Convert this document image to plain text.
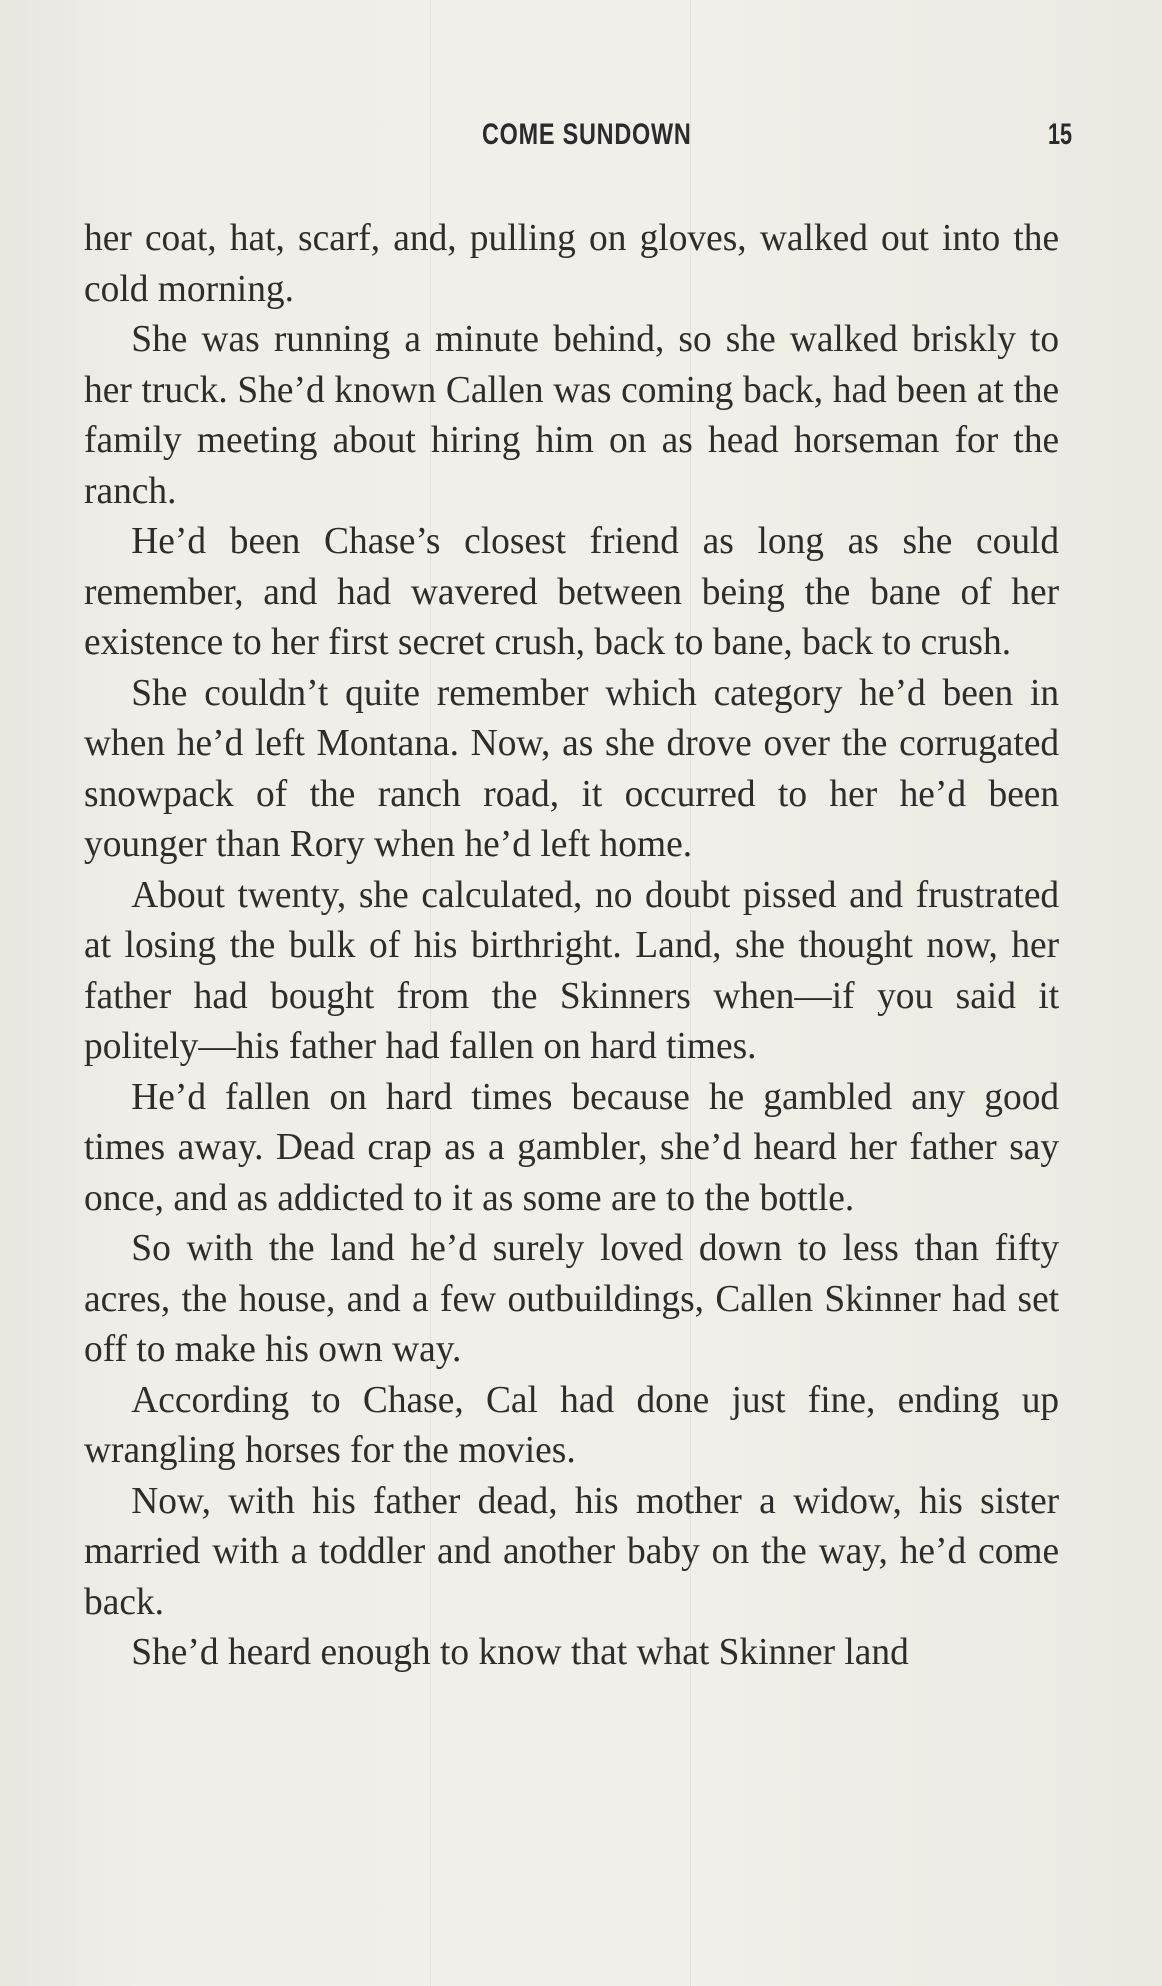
COME SUNDOWN	15

her coat, hat, scarf, and, pulling on gloves, walked out into the cold morning.

She was running a minute behind, so she walked briskly to her truck. She’d known Callen was coming back, had been at the family meeting about hiring him on as head horseman for the ranch.

He’d been Chase’s closest friend as long as she could remember, and had wavered between being the bane of her existence to her first secret crush, back to bane, back to crush.

She couldn’t quite remember which category he’d been in when he’d left Montana. Now, as she drove over the corrugated snowpack of the ranch road, it occurred to her he’d been younger than Rory when he’d left home.

About twenty, she calculated, no doubt pissed and frustrated at losing the bulk of his birthright. Land, she thought now, her father had bought from the Skinners when—if you said it politely—his father had fallen on hard times.

He’d fallen on hard times because he gambled any good times away. Dead crap as a gambler, she’d heard her father say once, and as addicted to it as some are to the bottle.

So with the land he’d surely loved down to less than fifty acres, the house, and a few outbuildings, Callen Skinner had set off to make his own way.

According to Chase, Cal had done just fine, ending up wrangling horses for the movies.

Now, with his father dead, his mother a widow, his sister married with a toddler and another baby on the way, he’d come back.

She’d heard enough to know that what Skinner land
